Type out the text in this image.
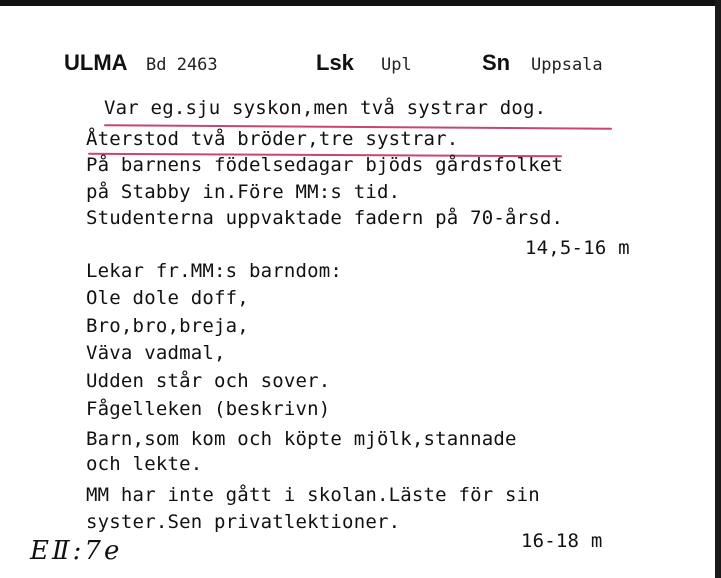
ULMA Bd 2463	Lsk Upl	Sn Uppsala
Var eg.sju syskon,men två systrar dog.
Återstod två bröder,tre systrar.
På barnens födelsedagar bjöds gårdsfolket
på Stabby in.Före MM:s tid.
Studenterna uppvaktade fadern på 70-årsd.
14,5-16 m
Lekar fr.MM:s barndom:
Ole dole doff,
Bro,bro,breja,
Väva vadmal,
Udden står och sover.
Fågelleken (beskrivn)
Barn,som kom och köpte mjölk,stannade
och lekte.
MM har inte gått i skolan.Läste för sin
syster.Sen privatlektioner.
16-18 m
EⅡ:7e
